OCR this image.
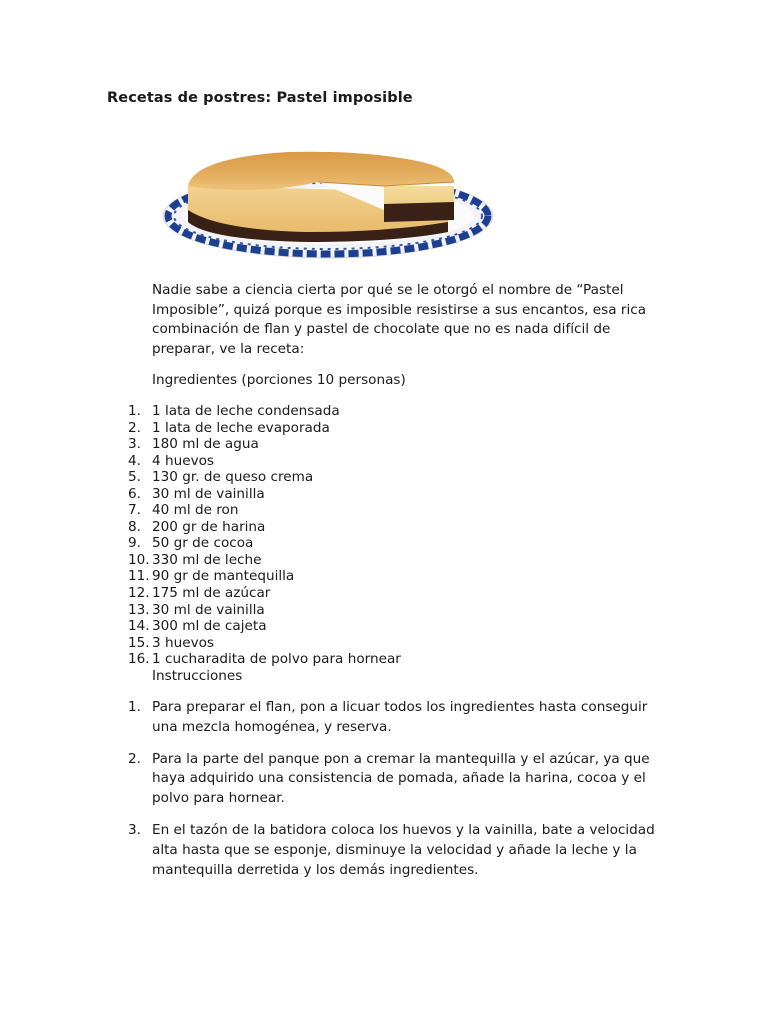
Recetas de postres: Pastel imposible

Nadie sabe a ciencia cierta por qué se le otorgó el nombre de “Pastel Imposible”, quizá porque es imposible resistirse a sus encantos, esa rica combinación de flan y pastel de chocolate que no es nada difícil de preparar, ve la receta:

Ingredientes (porciones 10 personas)

1. 1 lata de leche condensada
2. 1 lata de leche evaporada
3. 180 ml de agua
4. 4 huevos
5. 130 gr. de queso crema
6. 30 ml de vainilla
7. 40 ml de ron
8. 200 gr de harina
9. 50 gr de cocoa
10. 330 ml de leche
11. 90 gr de mantequilla
12. 175 ml de azúcar
13. 30 ml de vainilla
14. 300 ml de cajeta
15. 3 huevos
16. 1 cucharadita de polvo para hornear

Instrucciones

1. Para preparar el flan, pon a licuar todos los ingredientes hasta conseguir una mezcla homogénea, y reserva.
2. Para la parte del panque pon a cremar la mantequilla y el azúcar, ya que haya adquirido una consistencia de pomada, añade la harina, cocoa y el polvo para hornear.
3. En el tazón de la batidora coloca los huevos y la vainilla, bate a velocidad alta hasta que se esponje, disminuye la velocidad y añade la leche y la mantequilla derretida y los demás ingredientes.
